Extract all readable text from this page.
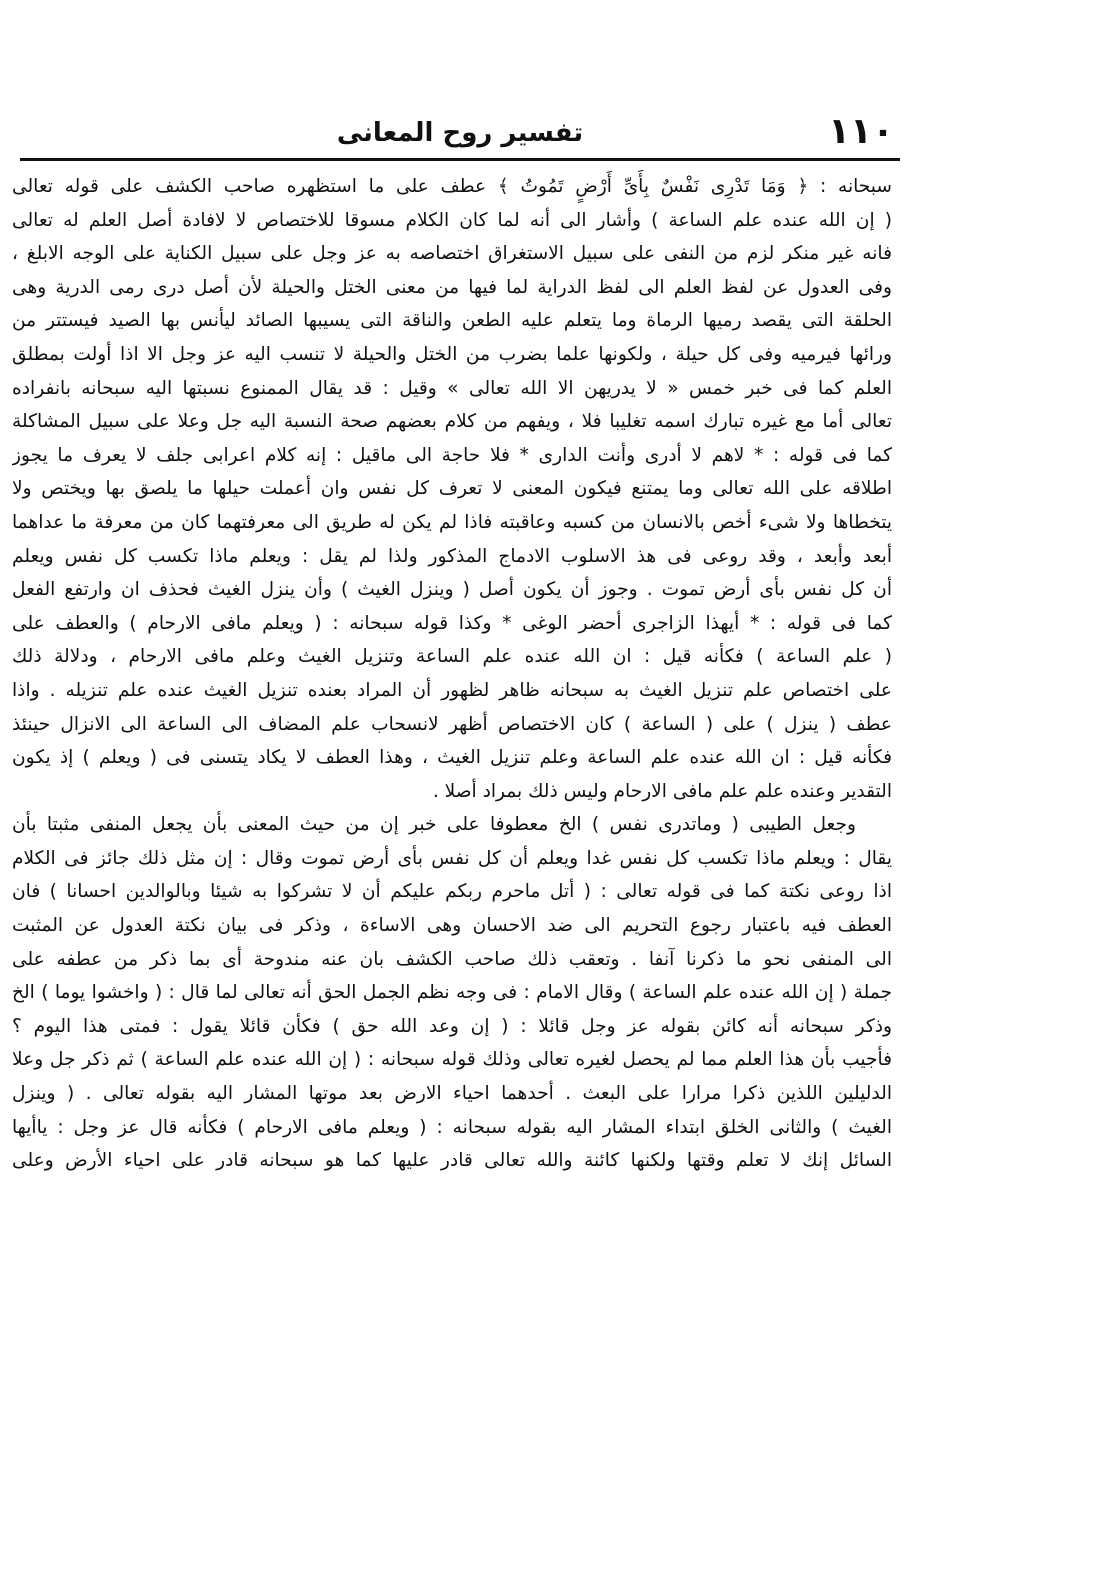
١١٠
تفسير روح المعانى
سبحانه : ﴿ وَمَا تَدْرِى نَفْسٌ بِأَىِّ أَرْضٍ تَمُوتُ ﴾ عطف على ما استظهره صاحب الكشف على قوله تعالى
( إن الله عنده علم الساعة ) وأشار الى أنه لما كان الكلام مسوقا للاختصاص لا لافادة أصل العلم له تعالى
فانه غير منكر لزم من النفى على سبيل الاستغراق اختصاصه به عز وجل على سبيل الكناية على الوجه الابلغ ،
وفى العدول عن لفظ العلم الى لفظ الدراية لما فيها من معنى الختل والحيلة لأن أصل درى رمى الدرية وهى
الحلقة التى يقصد رميها الرماة وما يتعلم عليه الطعن والناقة التى يسيبها الصائد ليأنس بها الصيد فيستتر من
ورائها فيرميه وفى كل حيلة ، ولكونها علما بضرب من الختل والحيلة لا تنسب اليه عز وجل الا اذا أولت بمطلق
العلم كما فى خبر خمس « لا يدريهن الا الله تعالى » وقيل : قد يقال الممنوع نسبتها اليه سبحانه بانفراده
تعالى أما مع غيره تبارك اسمه تغليبا فلا ، ويفهم من كلام بعضهم صحة النسبة اليه جل وعلا على سبيل المشاكلة
كما فى قوله : * لاهم لا أدرى وأنت الدارى * فلا حاجة الى ماقيل : إنه كلام اعرابى جلف لا يعرف ما يجوز
اطلاقه على الله تعالى وما يمتنع فيكون المعنى لا تعرف كل نفس وان أعملت حيلها ما يلصق بها ويختص ولا
يتخطاها ولا شىء أخص بالانسان من كسبه وعاقبته فاذا لم يكن له طريق الى معرفتهما كان من معرفة ما عداهما
أبعد وأبعد ، وقد روعى فى هذ الاسلوب الادماج المذكور ولذا لم يقل : ويعلم ماذا تكسب كل نفس ويعلم
أن كل نفس بأى أرض تموت . وجوز أن يكون أصل ( وينزل الغيث ) وأن ينزل الغيث فحذف ان وارتفع الفعل
كما فى قوله : * أيهذا الزاجرى أحضر الوغى * وكذا قوله سبحانه : ( ويعلم مافى الارحام ) والعطف على
( علم الساعة ) فكأنه قيل : ان الله عنده علم الساعة وتنزيل الغيث وعلم مافى الارحام ، ودلالة ذلك
على اختصاص علم تنزيل الغيث به سبحانه ظاهر لظهور أن المراد بعنده تنزيل الغيث عنده علم تنزيله . واذا
عطف ( ينزل ) على ( الساعة ) كان الاختصاص أظهر لانسحاب علم المضاف الى الساعة الى الانزال حينئذ
فكأنه قيل : ان الله عنده علم الساعة وعلم تنزيل الغيث ، وهذا العطف لا يكاد يتسنى فى ( ويعلم ) إذ يكون
التقدير وعنده علم علم مافى الارحام وليس ذلك بمراد أصلا .
وجعل الطيبى ( وماتدرى نفس ) الخ معطوفا على خبر إن من حيث المعنى بأن يجعل المنفى مثبتا بأن
يقال : ويعلم ماذا تكسب كل نفس غدا ويعلم أن كل نفس بأى أرض تموت وقال : إن مثل ذلك جائز فى الكلام
اذا روعى نكتة كما فى قوله تعالى : ( أتل ماحرم ربكم عليكم أن لا تشركوا به شيئا وبالوالدين احسانا ) فان
العطف فيه باعتبار رجوع التحريم الى ضد الاحسان وهى الاساءة ، وذكر فى بيان نكتة العدول عن المثبت
الى المنفى نحو ما ذكرنا آنفا . وتعقب ذلك صاحب الكشف بان عنه مندوحة أى بما ذكر من عطفه على
جملة ( إن الله عنده علم الساعة ) وقال الامام : فى وجه نظم الجمل الحق أنه تعالى لما قال : ( واخشوا يوما ) الخ
وذكر سبحانه أنه كائن بقوله عز وجل قائلا : ( إن وعد الله حق ) فكأن قائلا يقول : فمتى هذا اليوم ؟
فأجيب بأن هذا العلم مما لم يحصل لغيره تعالى وذلك قوله سبحانه : ( إن الله عنده علم الساعة ) ثم ذكر جل وعلا
الدليلين اللذين ذكرا مرارا على البعث . أحدهما احياء الارض بعد موتها المشار اليه بقوله تعالى . ( وينزل
الغيث ) والثانى الخلق ابتداء المشار اليه بقوله سبحانه : ( ويعلم مافى الارحام ) فكأنه قال عز وجل : ياأيها
السائل إنك لا تعلم وقتها ولكنها كائنة والله تعالى قادر عليها كما هو سبحانه قادر على احياء الأرض وعلى
